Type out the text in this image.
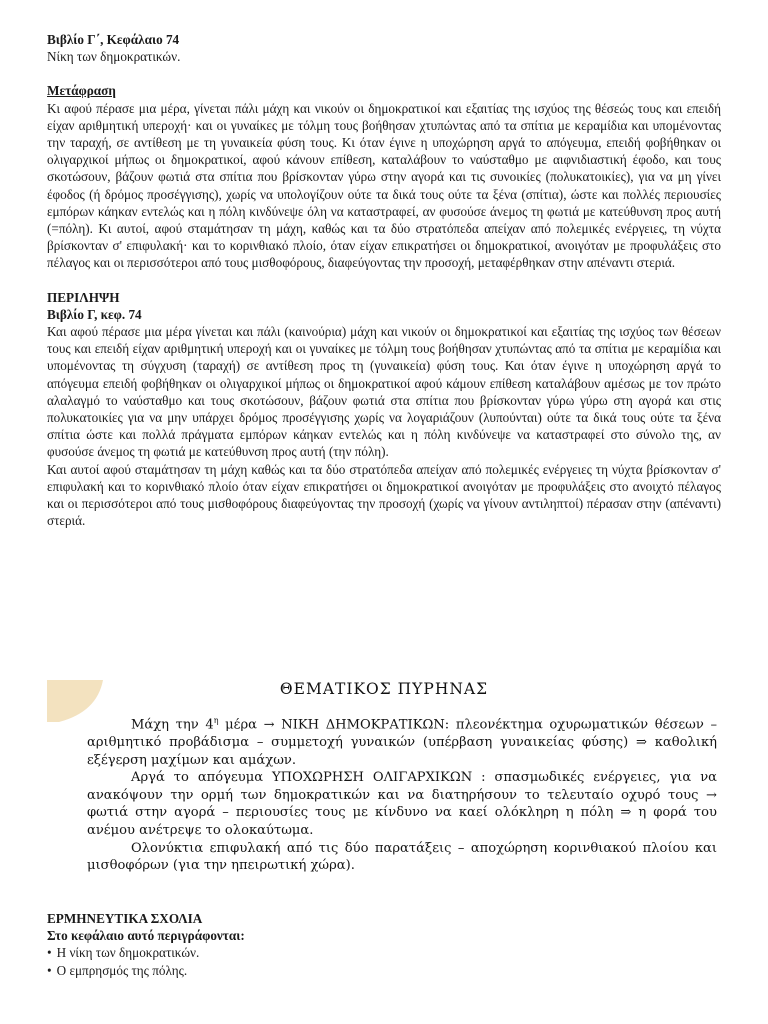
Βιβλίο Γ΄, Κεφάλαιο 74

Νίκη των δημοκρατικών.

Μετάφραση

Κι αφού πέρασε μια μέρα, γίνεται πάλι μάχη και νικούν οι δημοκρατικοί και εξαιτίας της ισχύος της θέσεώς τους και επειδή είχαν αριθμητική υπεροχή· και οι γυναίκες με τόλμη τους βοήθησαν χτυπώντας από τα σπίτια με κεραμίδια και υπομένοντας την ταραχή, σε αντίθεση με τη γυναικεία φύση τους. Κι όταν έγινε η υποχώρηση αργά το απόγευμα, επειδή φοβήθηκαν οι ολιγαρχικοί μήπως οι δημοκρατικοί, αφού κάνουν επίθεση, καταλάβουν το ναύσταθμο με αιφνιδιαστική έφοδο, και τους σκοτώσουν, βάζουν φωτιά στα σπίτια που βρίσκονταν γύρω στην αγορά και τις συνοικίες (πολυκατοικίες), για να μη γίνει έφοδος (ή δρόμος προσέγγισης), χωρίς να υπολογίζουν ούτε τα δικά τους ούτε τα ξένα (σπίτια), ώστε και πολλές περιουσίες εμπόρων κάηκαν εντελώς και η πόλη κινδύνεψε όλη να καταστραφεί, αν φυσούσε άνεμος τη φωτιά με κατεύθυνση προς αυτή (=πόλη). Κι αυτοί, αφού σταμάτησαν τη μάχη, καθώς και τα δύο στρατόπεδα απείχαν από πολεμικές ενέργειες, τη νύχτα βρίσκονταν σ' επιφυλακή· και το κορινθιακό πλοίο, όταν είχαν επικρατήσει οι δημοκρατικοί, ανοιγόταν με προφυλάξεις στο πέλαγος και οι περισσότεροι από τους μισθοφόρους, διαφεύγοντας την προσοχή, μεταφέρθηκαν στην απέναντι στεριά.

ΠΕΡΙΛΗΨΗ

Βιβλίο Γ, κεφ. 74

Και αφού πέρασε μια μέρα γίνεται και πάλι (καινούρια) μάχη και νικούν οι δημοκρατικοί και εξαιτίας της ισχύος των θέσεων τους και επειδή είχαν αριθμητική υπεροχή και οι γυναίκες με τόλμη τους βοήθησαν χτυπώντας από τα σπίτια με κεραμίδια και υπομένοντας τη σύγχυση (ταραχή) σε αντίθεση προς τη (γυναικεία) φύση τους. Και όταν έγινε η υποχώρηση αργά το απόγευμα επειδή φοβήθηκαν οι ολιγαρχικοί μήπως οι δημοκρατικοί αφού κάμουν επίθεση καταλάβουν αμέσως με τον πρώτο αλαλαγμό το ναύσταθμο και τους σκοτώσουν, βάζουν φωτιά στα σπίτια που βρίσκονταν γύρω γύρω στη αγορά και στις πολυκατοικίες για να μην υπάρχει δρόμος προσέγγισης χωρίς να λογαριάζουν (λυπούνται) ούτε τα δικά τους ούτε τα ξένα σπίτια ώστε και πολλά πράγματα εμπόρων κάηκαν εντελώς και η πόλη κινδύνεψε να καταστραφεί στο σύνολο της, αν φυσούσε άνεμος τη φωτιά με κατεύθυνση προς αυτή (την πόλη).

Και αυτοί αφού σταμάτησαν τη μάχη καθώς και τα δύο στρατόπεδα απείχαν από πολεμικές ενέργειες τη νύχτα βρίσκονταν σ' επιφυλακή και το κορινθιακό πλοίο όταν είχαν επικρατήσει οι δημοκρατικοί ανοιγόταν με προφυλάξεις στο ανοιχτό πέλαγος και οι περισσότεροι από τους μισθοφόρους διαφεύγοντας την προσοχή (χωρίς να γίνουν αντιληπτοί) πέρασαν στην (απέναντι) στεριά.

ΘΕΜΑΤΙΚΟΣ ΠΥΡΗΝΑΣ

Μάχη την $4^\eta$ μέρα → ΝΙΚΗ ΔΗΜΟΚΡΑΤΙΚΩΝ: πλεονέκτημα οχυρωματικών θέσεων – αριθμητικό προβάδισμα – συμμετοχή γυναικών (υπέρβαση γυναικείας φύσης) ⇒ καθολική εξέγερση μαχίμων και αμάχων.

Αργά το απόγευμα ΥΠΟΧΩΡΗΣΗ ΟΛΙΓΑΡΧΙΚΩΝ : σπασμωδικές ενέργειες, για να ανακόψουν την ορμή των δημοκρατικών και να διατηρήσουν το τελευταίο οχυρό τους → φωτιά στην αγορά – περιουσίες τους με κίνδυνο να καεί ολόκληρη η πόλη ⇒ η φορά του ανέμου ανέτρεψε το ολοκαύτωμα.

Ολονύκτια επιφυλακή από τις δύο παρατάξεις – αποχώρηση κορινθιακού πλοίου και μισθοφόρων (για την ηπειρωτική χώρα).

ΕΡΜΗΝΕΥΤΙΚΑ ΣΧΟΛΙΑ

Στο κεφάλαιο αυτό περιγράφονται:

• Η νίκη των δημοκρατικών.
• Ο εμπρησμός της πόλης.
